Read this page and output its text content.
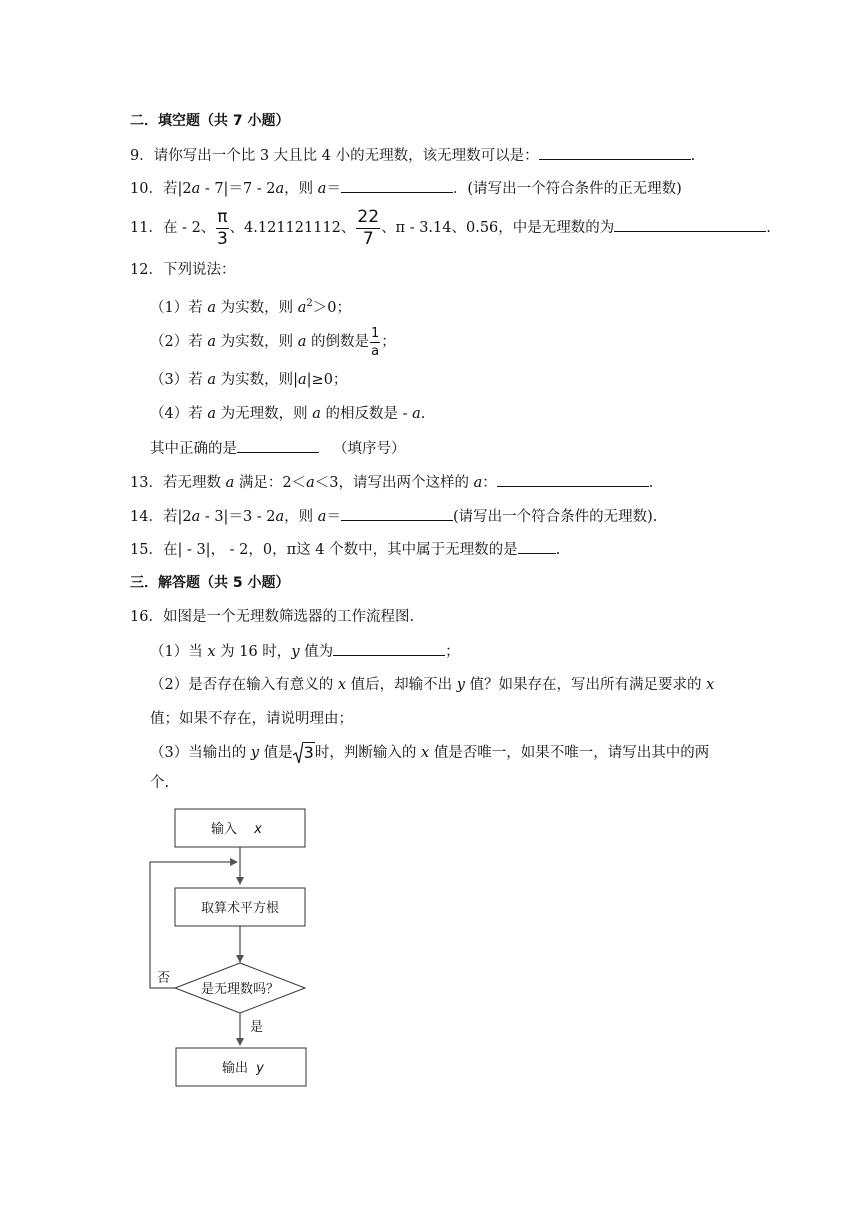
二．填空题（共 7 小题）
9．请你写出一个比 3 大且比 4 小的无理数，该无理数可以是：	.
10．若|2a ‐ 7|＝7 ‐ 2a，则 a＝	．(请写出一个符合条件的正无理数)
11．在 ‐ 2、 $\frac{\pi}{3}$ 、4.121121112、 $\frac{22}{7}$ 、π ‐ 3.14、0.56，中是无理数的为	.
12．下列说法：
（1）若 a 为实数，则 $a^2>0$；
（2）若 a 为实数，则 a 的倒数是 $\frac{1}{a}$ ；
（3）若 a 为实数，则|a|≥0；
（4）若 a 为无理数，则 a 的相反数是 ‐ a.
其中正确的是	（填序号）
13．若无理数 a 满足：2＜a＜3，请写出两个这样的 a：	.
14．若|2a ‐ 3|＝3 ‐ 2a，则 a＝	(请写出一个符合条件的无理数).
15．在| ‐ 3|， ‐ 2，0，π这 4 个数中，其中属于无理数的是	.
三．解答题（共 5 小题）
16．如图是一个无理数筛选器的工作流程图.
（1）当 x 为 16 时，y 值为	；
（2）是否存在输入有意义的 x 值后，却输不出 y 值？如果存在，写出所有满足要求的 x
值；如果不存在，请说明理由；
（3）当输出的 y 值是 3 时，判断输入的 x 值是否唯一，如果不唯一，请写出其中的两
个.
输入 x
取算术平方根
是无理数吗？
否
是
输出 y
